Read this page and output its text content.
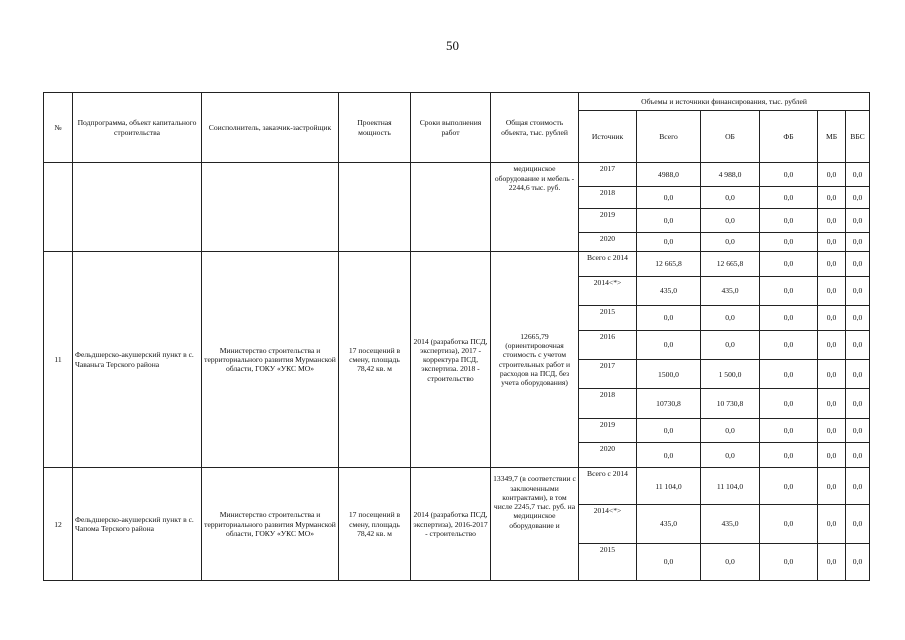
50
№	Подпрограмма, объект капитального строительства	Соисполнитель, заказчик-застройщик	Проектная мощность	Сроки выполнения работ	Общая стоимость объекта, тыс. рублей	Объемы и источники финансирования, тыс. рублей					
						Источник	Всего	ОБ	ФБ	МБ	ВБС
					медицинское оборудование и мебель - 2244,6 тыс. руб.	2017	4988,0	4 988,0	0,0	0,0	0,0
						2018	0,0	0,0	0,0	0,0	0,0
						2019	0,0	0,0	0,0	0,0	0,0
						2020	0,0	0,0	0,0	0,0	0,0
11	Фельдшерско-акушерский пункт в с. Чаваньга Терского района	Министерство строительства и территориального развития Мурманской области, ГОКУ «УКС МО»	17 посещений в смену, площадь 78,42 кв. м	2014 (разработка ПСД, экспертиза), 2017 - корректура ПСД, экспертиза. 2018 - строительство	12665,79 (ориентировочная стоимость с учетом строительных работ и расходов на ПСД, без учета оборудования)	Всего с 2014	12 665,8	12 665,8	0,0	0,0	0,0
						2014<*>	435,0	435,0	0,0	0,0	0,0
						2015	0,0	0,0	0,0	0,0	0,0
						2016	0,0	0,0	0,0	0,0	0,0
						2017	1500,0	1 500,0	0,0	0,0	0,0
						2018	10730,8	10 730,8	0,0	0,0	0,0
						2019	0,0	0,0	0,0	0,0	0,0
						2020	0,0	0,0	0,0	0,0	0,0
12	Фельдшерско-акушерский пункт в с. Чапома Терского района	Министерство строительства и территориального развития Мурманской области, ГОКУ «УКС МО»	17 посещений в смену, площадь 78,42 кв. м	2014 (разработка ПСД, экспертиза), 2016-2017 - строительство	13349,7 (в соответствии с заключенными контрактами), в том числе 2245,7 тыс. руб. на медицинское оборудование и	Всего с 2014	11 104,0	11 104,0	0,0	0,0	0,0
						2014<*>	435,0	435,0	0,0	0,0	0,0
						2015	0,0	0,0	0,0	0,0	0,0
